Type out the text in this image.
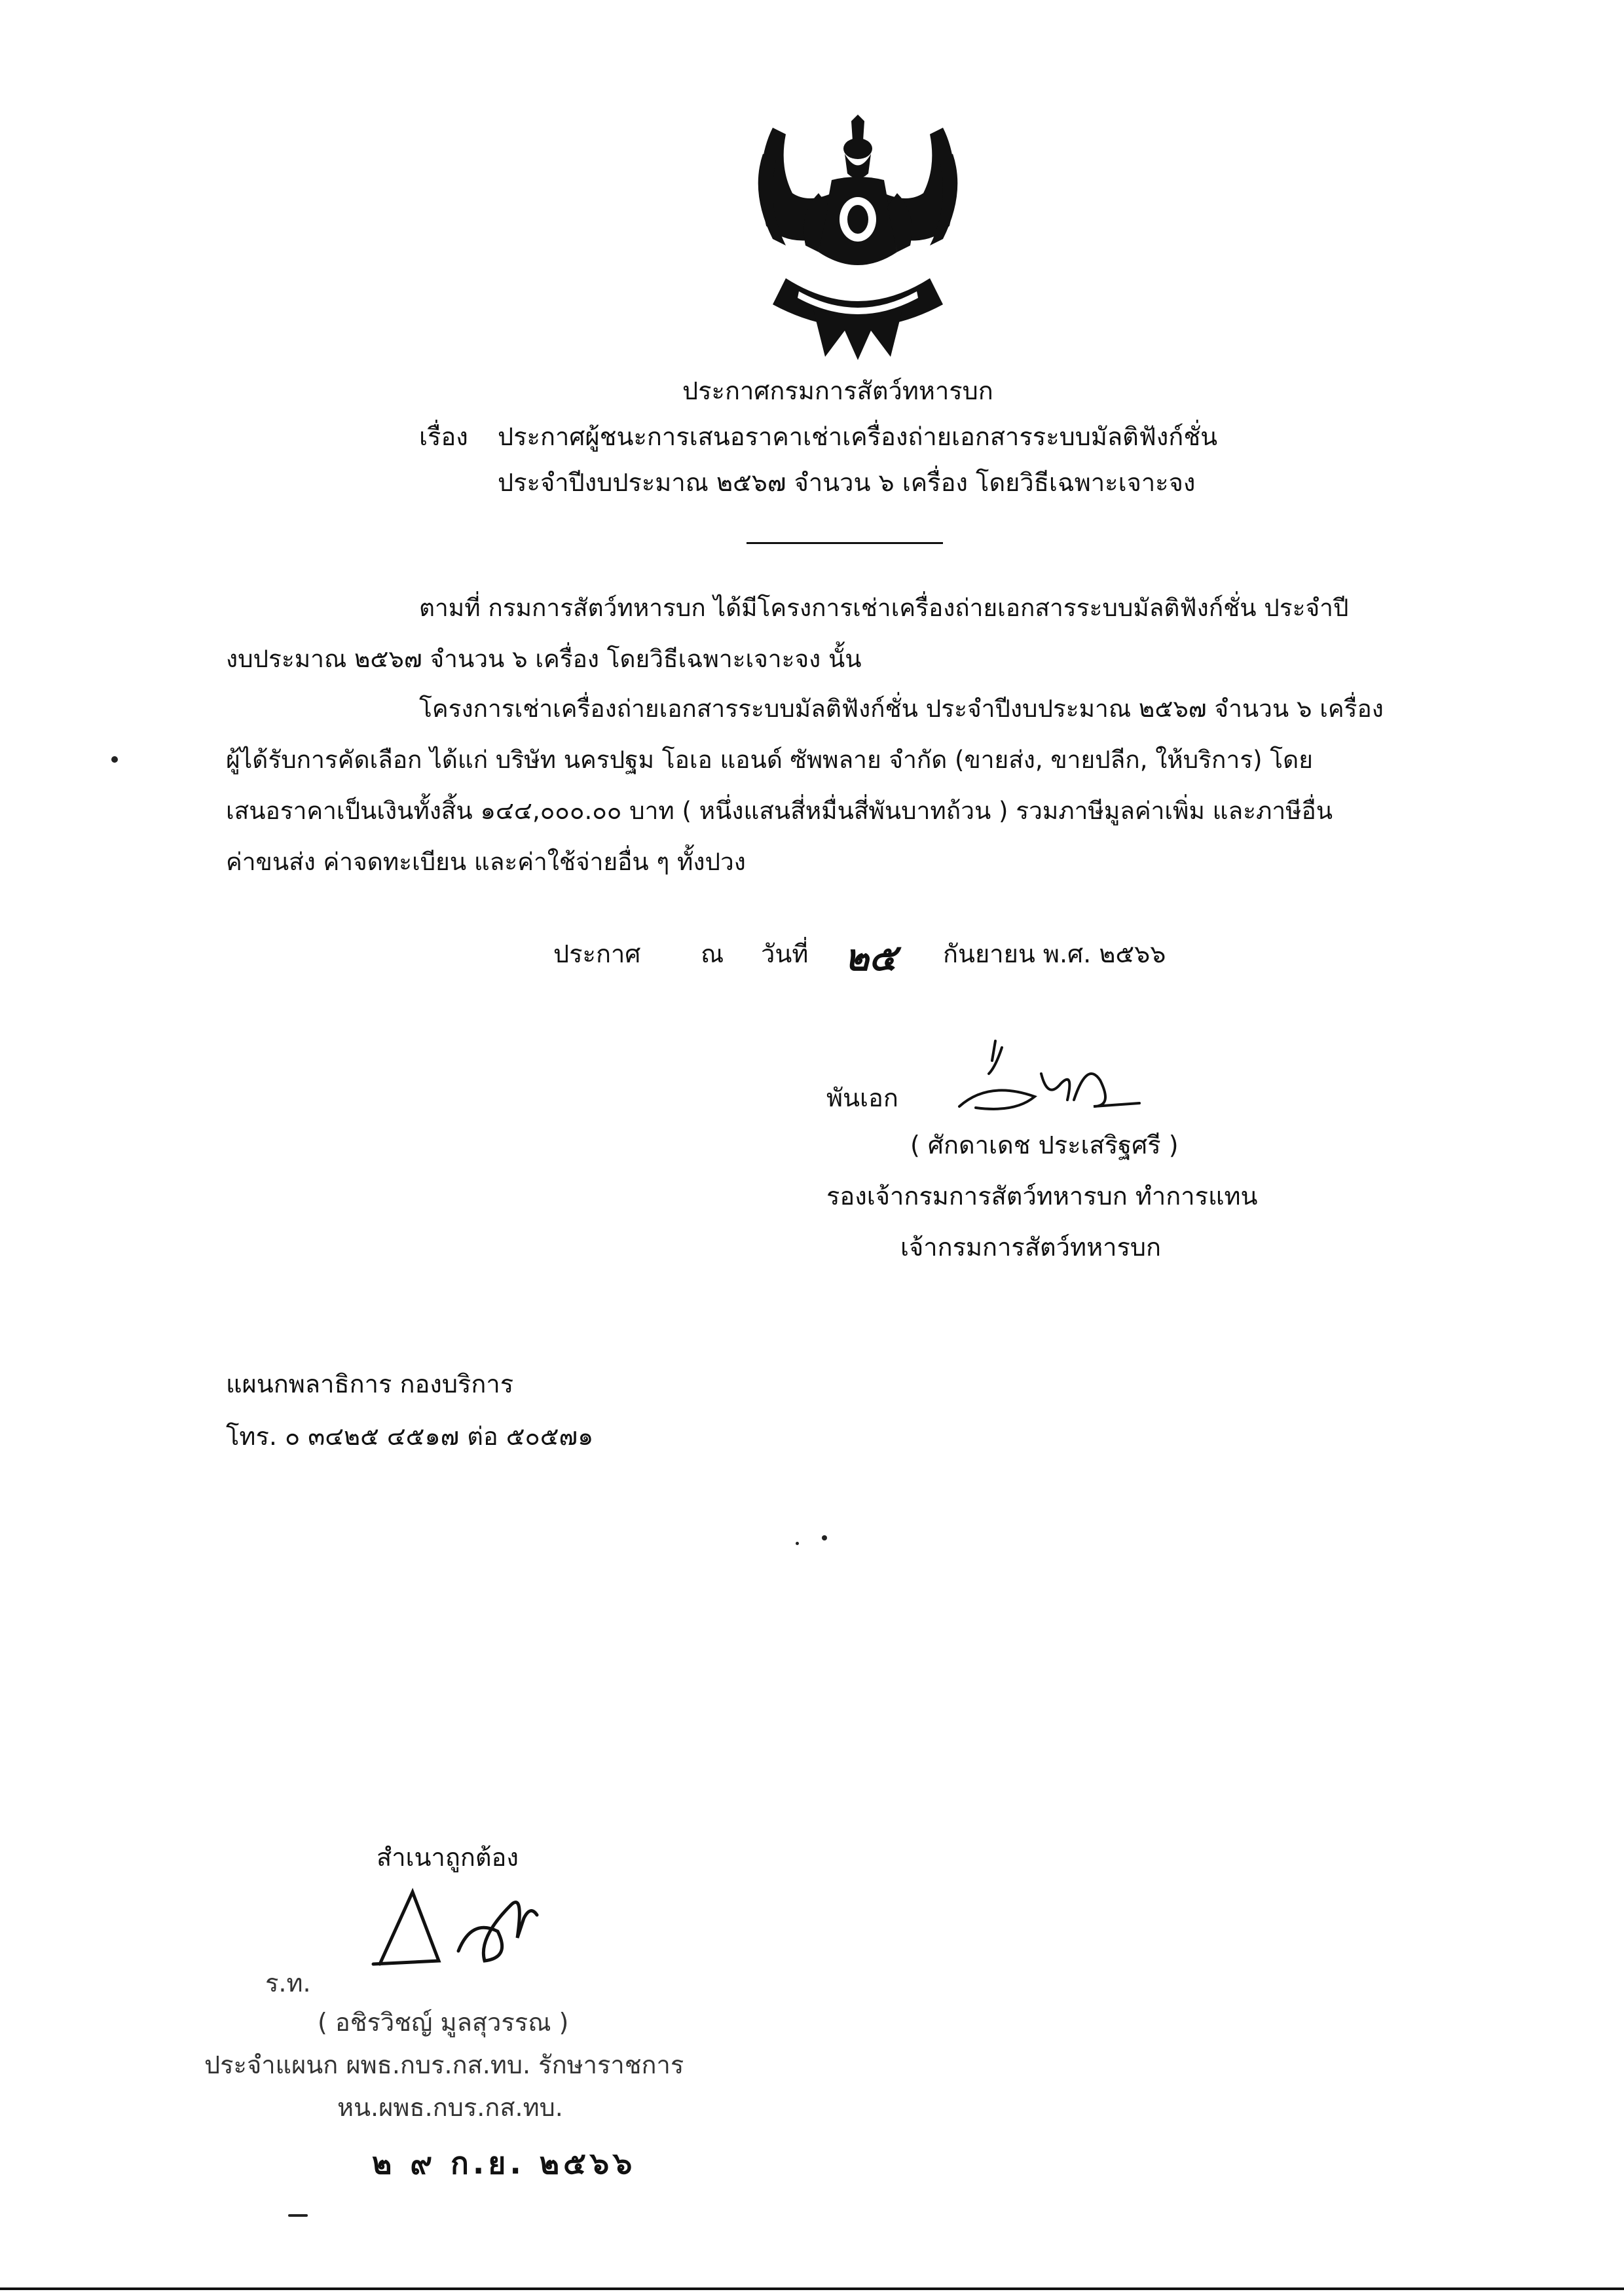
ประกาศกรมการสัตว์ทหารบก
เรื่อง ประกาศผู้ชนะการเสนอราคาเช่าเครื่องถ่ายเอกสารระบบมัลติฟังก์ชั่น
ประจำปีงบประมาณ ๒๕๖๗ จำนวน ๖ เครื่อง โดยวิธีเฉพาะเจาะจง
ตามที่ กรมการสัตว์ทหารบก ได้มีโครงการเช่าเครื่องถ่ายเอกสารระบบมัลติฟังก์ชั่น ประจำปี
งบประมาณ ๒๕๖๗ จำนวน ๖ เครื่อง โดยวิธีเฉพาะเจาะจง นั้น
โครงการเช่าเครื่องถ่ายเอกสารระบบมัลติฟังก์ชั่น ประจำปีงบประมาณ ๒๕๖๗ จำนวน ๖ เครื่อง
ผู้ได้รับการคัดเลือก ได้แก่ บริษัท นครปฐม โอเอ แอนด์ ซัพพลาย จำกัด (ขายส่ง, ขายปลีก, ให้บริการ) โดย
เสนอราคาเป็นเงินทั้งสิ้น ๑๔๔,๐๐๐.๐๐ บาท ( หนึ่งแสนสี่หมื่นสี่พันบาทถ้วน ) รวมภาษีมูลค่าเพิ่ม และภาษีอื่น
ค่าขนส่ง ค่าจดทะเบียน และค่าใช้จ่ายอื่น ๆ ทั้งปวง
ประกาศ ณ วันที่ ๒๕ กันยายน พ.ศ. ๒๕๖๖
พันเอก
( ศักดาเดช ประเสริฐศรี )
รองเจ้ากรมการสัตว์ทหารบก ทำการแทน
เจ้ากรมการสัตว์ทหารบก
แผนกพลาธิการ กองบริการ
โทร. ๐ ๓๔๒๕ ๔๕๑๗ ต่อ ๕๐๕๗๑
สำเนาถูกต้อง
ร.ท.
( อชิรวิชญ์ มูลสุวรรณ )
ประจำแผนก ผพธ.กบร.กส.ทบ. รักษาราชการ
หน.ผพธ.กบร.กส.ทบ.
๒ ๙ ก.ย. ๒๕๖๖
